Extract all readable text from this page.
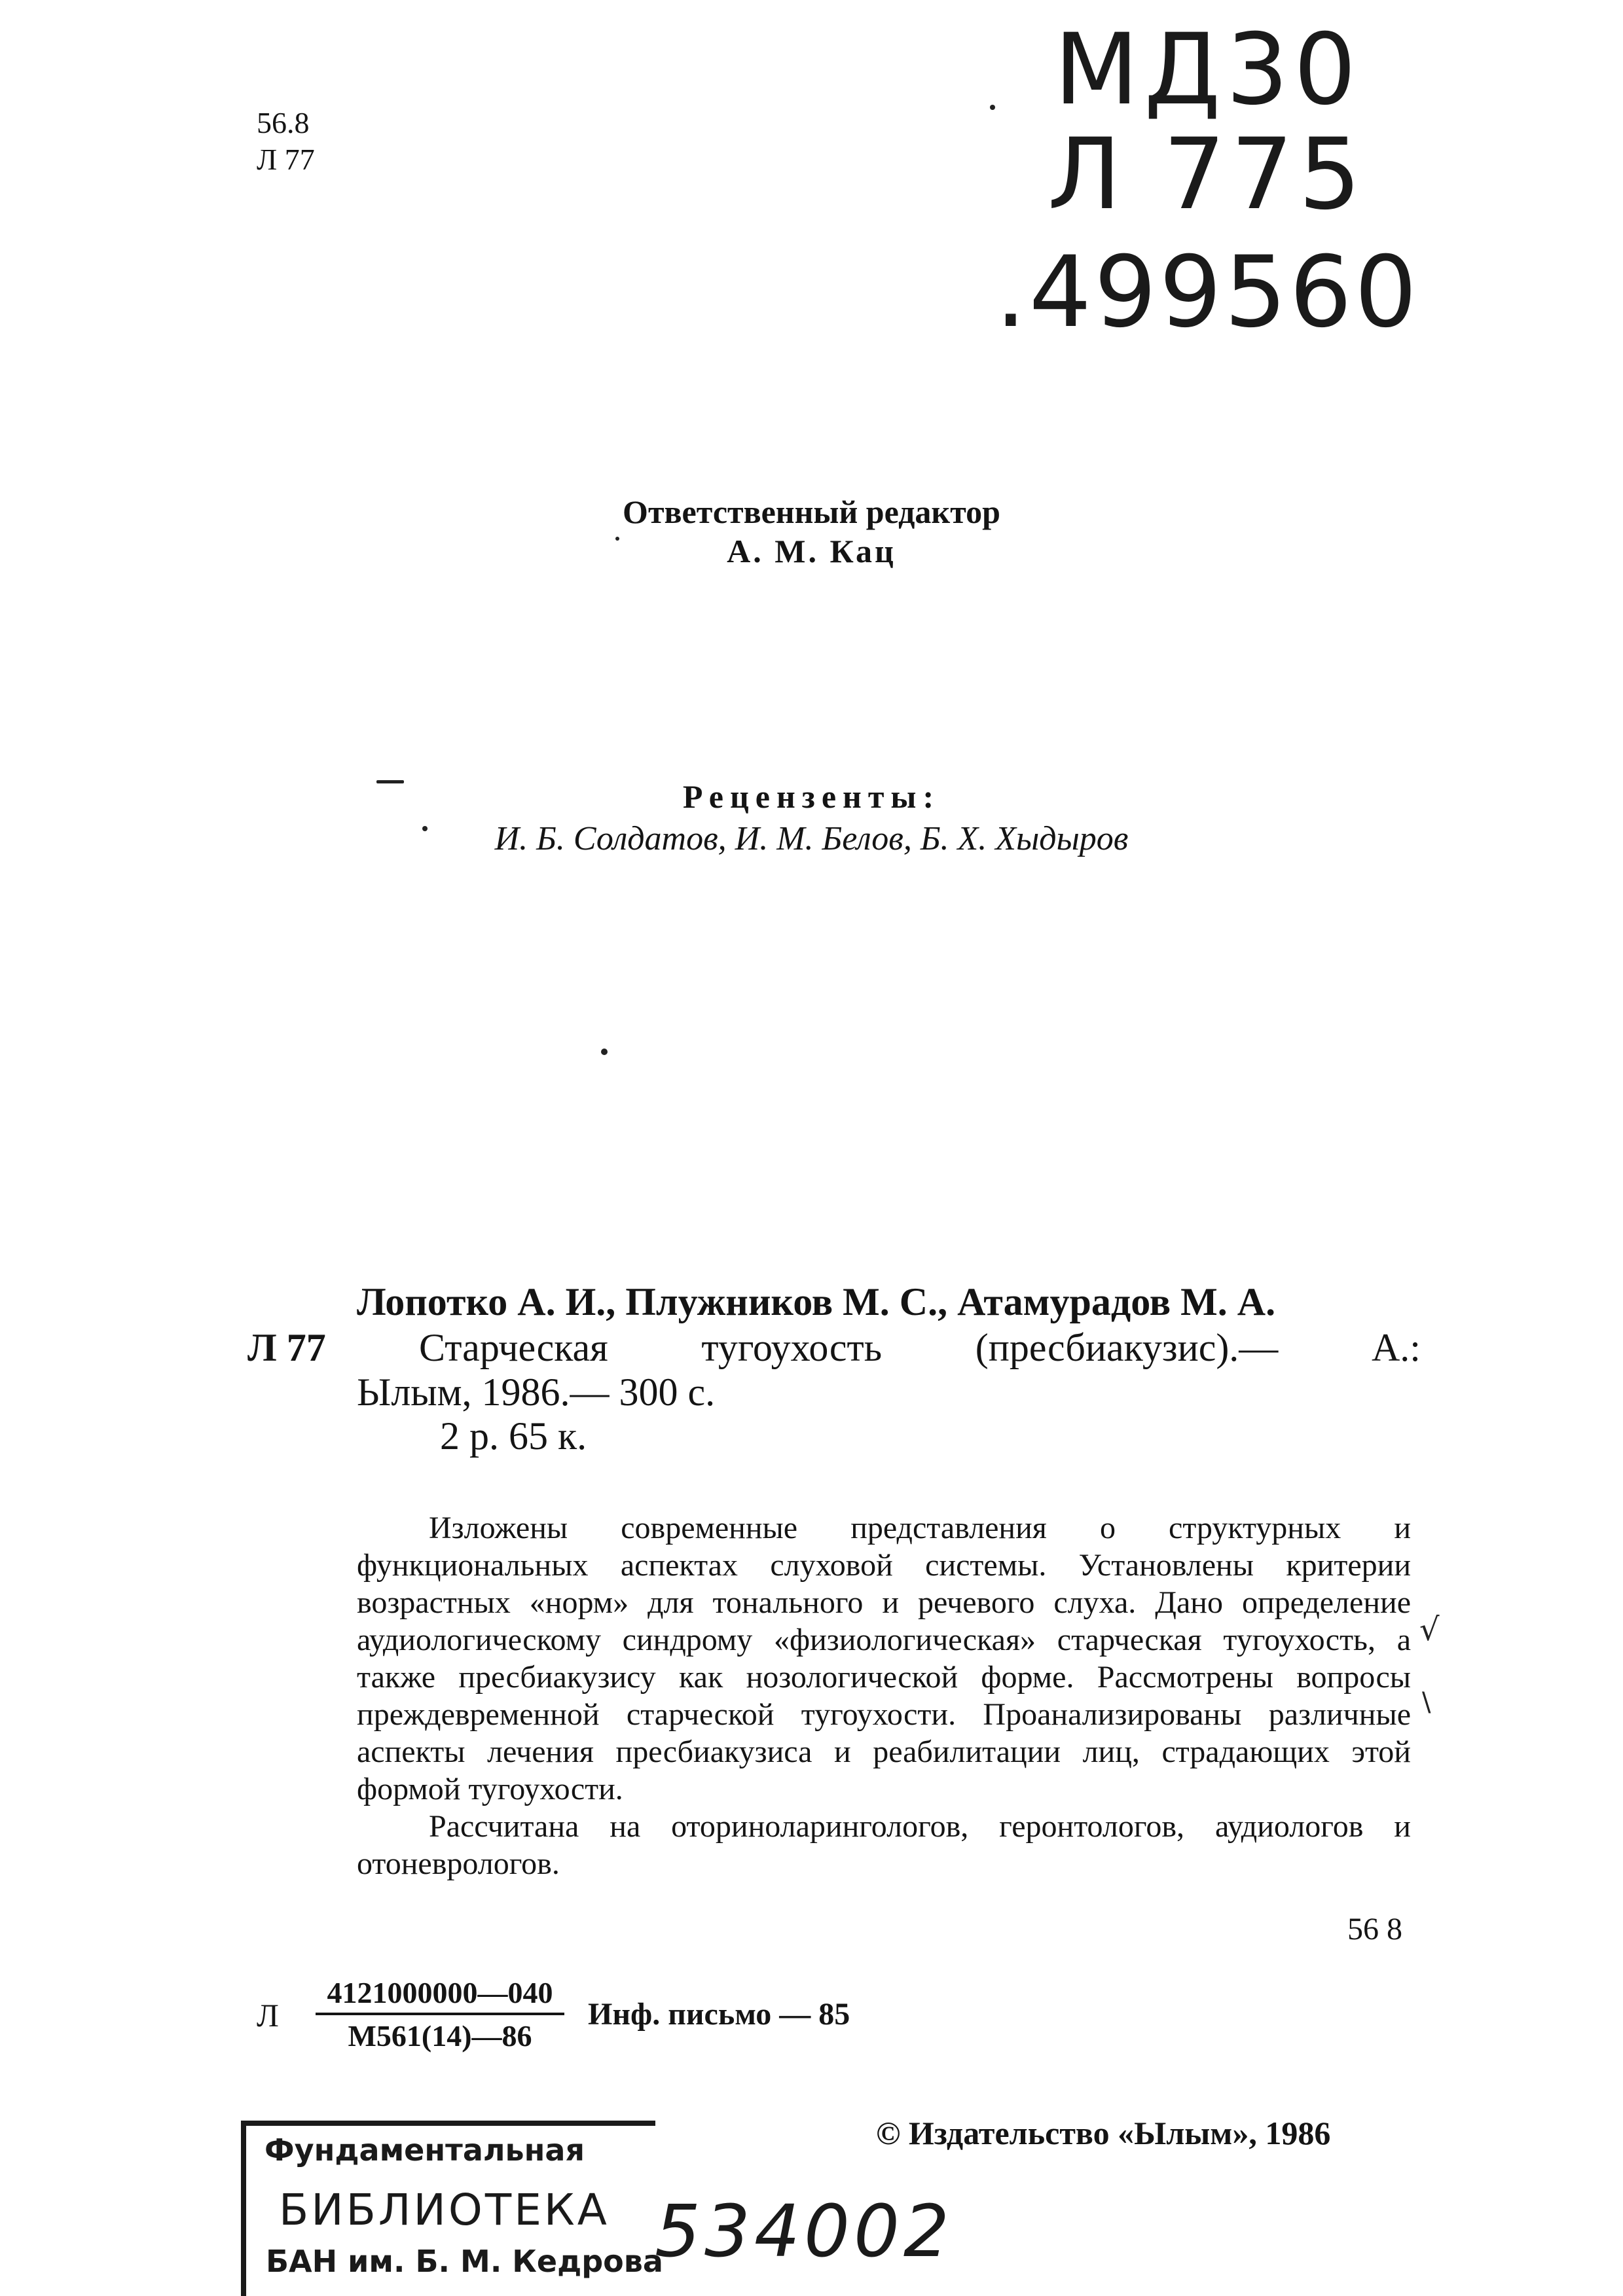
56.8
Л 77
МД30
Л 775
.499560
Ответственный редактор
А. М. Кац
Рецензенты:
И. Б. Солдатов, И. М. Белов, Б. Х. Хыдыров
Лопотко А. И., Плужников М. С., Атамурадов М. А.
Л 77 Старческая тугоухость (пресбиакузис).— А.:
Ылым, 1986.— 300 с.
2 р. 65 к.

Изложены современные представления о структурных и функциональных аспектах слуховой системы. Установлены критерии возрастных «норм» для тонального и речевого слуха. Дано определение аудиологическому синдрому «физиологическая» старческая тугоухость, а также пресбиакузису как нозологической форме. Рассмотрены вопросы преждевременной старческой тугоухости. Проанализированы различные аспекты лечения пресбиакузиса и реабилитации лиц, страдающих этой формой тугоухости.

Рассчитана на оториноларингологов, геронтологов, аудиологов и отоневрологов.

√
\
56 8
Л
4121000000—040
М561(14)—86
Инф. письмо — 85
© Издательство «Ылым», 1986
Фундаментальная
БИБЛИОТЕКА
БАН им. Б. М. Кедрова
534002
